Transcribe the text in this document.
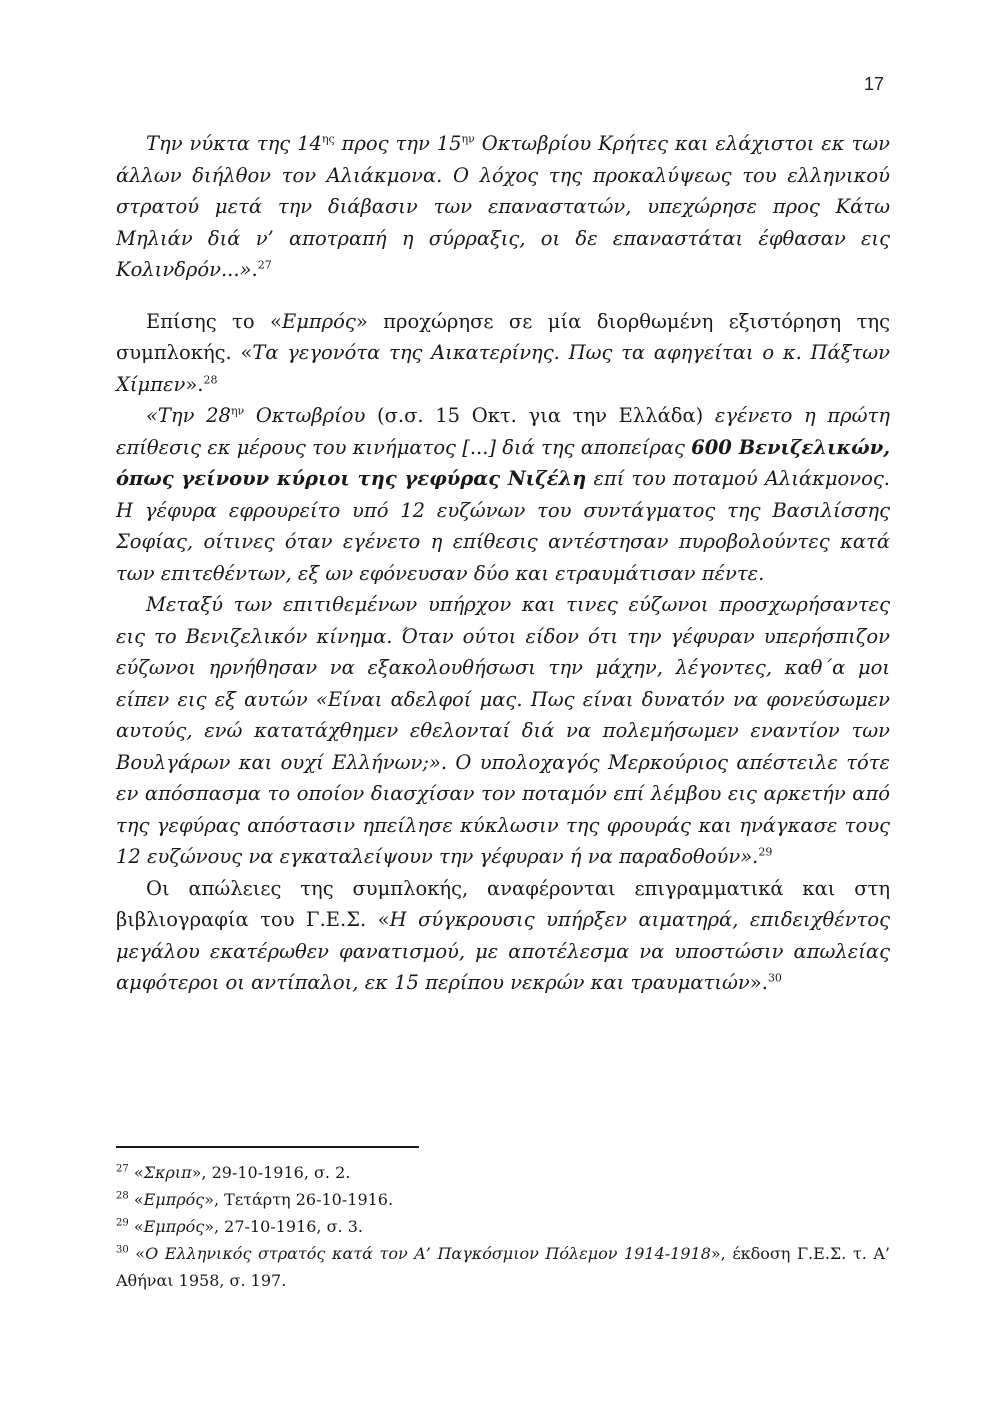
17

Την νύκτα της $14^{\eta\varsigma}$ προς την $15^{\eta\nu}$ Οκτωβρίου Κρήτες και ελάχιστοι εκ των άλλων διήλθον τον Αλιάκμονα. Ο λόχος της προκαλύψεως του ελληνικού στρατού μετά την διάβασιν των επαναστατών, υπεχώρησε προς Κάτω Μηλιάν διά ν’ αποτραπή η σύρραξις, οι δε επαναστάται έφθασαν εις Κολινδρόν...».$^{27}$

Επίσης το «Εμπρός» προχώρησε σε μία διορθωμένη εξιστόρηση της συμπλοκής. «Τα γεγονότα της Αικατερίνης. Πως τα αφηγείται ο κ. Πάξτων Χίμπεν».$^{28}$

«Την $28^{\eta\nu}$ Οκτωβρίου (σ.σ. 15 Οκτ. για την Ελλάδα) εγένετο η πρώτη επίθεσις εκ μέρους του κινήματος [...] διά της αποπείρας 600 Βενιζελικών, όπως γείνουν κύριοι της γεφύρας Νιζέλη επί του ποταμού Αλιάκμονος. Η γέφυρα εφρουρείτο υπό 12 ευζώνων του συντάγματος της Βασιλίσσης Σοφίας, οίτινες όταν εγένετο η επίθεσις αντέστησαν πυροβολούντες κατά των επιτεθέντων, εξ ων εφόνευσαν δύο και ετραυμάτισαν πέντε.

Μεταξύ των επιτιθεμένων υπήρχον και τινες εύζωνοι προσχωρήσαντες εις το Βενιζελικόν κίνημα. Όταν ούτοι είδον ότι την γέφυραν υπερήσπιζον εύζωνοι ηρνήθησαν να εξακολουθήσωσι την μάχην, λέγοντες, καθ΄α μοι είπεν εις εξ αυτών «Είναι αδελφοί μας. Πως είναι δυνατόν να φονεύσωμεν αυτούς, ενώ κατατάχθημεν εθελονταί διά να πολεμήσωμεν εναντίον των Βουλγάρων και ουχί Ελλήνων;». Ο υπολοχαγός Μερκούριος απέστειλε τότε εν απόσπασμα το οποίον διασχίσαν τον ποταμόν επί λέμβου εις αρκετήν από της γεφύρας απόστασιν ηπείλησε κύκλωσιν της φρουράς και ηνάγκασε τους 12 ευζώνους να εγκαταλείψουν την γέφυραν ή να παραδοθούν».$^{29}$

Οι απώλειες της συμπλοκής, αναφέρονται επιγραμματικά και στη βιβλιογραφία του Γ.Ε.Σ. «Η σύγκρουσις υπήρξεν αιματηρά, επιδειχθέντος μεγάλου εκατέρωθεν φανατισμού, με αποτέλεσμα να υποστώσιν απωλείας αμφότεροι οι αντίπαλοι, εκ 15 περίπου νεκρών και τραυματιών».$^{30}$

$^{27}$ «Σκριπ», 29-10-1916, σ. 2.

$^{28}$ «Εμπρός», Τετάρτη 26-10-1916.

$^{29}$ «Εμπρός», 27-10-1916, σ. 3.

$^{30}$ «Ο Ελληνικός στρατός κατά τον Α’ Παγκόσμιον Πόλεμον 1914-1918», έκδοση Γ.Ε.Σ. τ. Α’ Αθήναι 1958, σ. 197.
